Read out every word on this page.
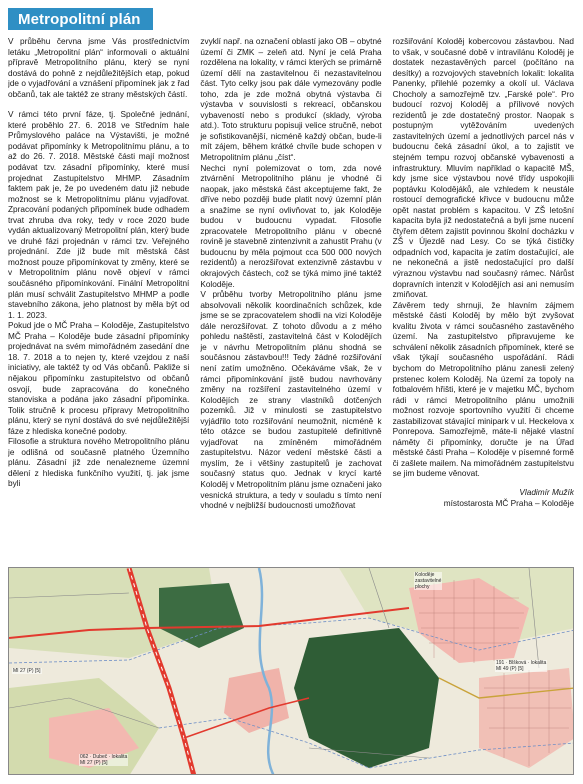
Metropolitní plán

V průběhu června jsme Vás prostřednictvím letáku „Metropolitní plán“ informovali o aktuální přípravě Metropolitního plánu, který se nyní dostává do pohně z nejdůležitějších etap, pokud jde o vyjadřování a vznášení připomínek jak z řad občanů, tak ale taktéž ze strany městských částí.

V rámci této první fáze, tj. Společné jednání, které proběhlo 27. 6. 2018 ve Středním hale Průmyslového paláce na Výstavišti, je možné podávat připomínky k Metropolitnímu plánu, a to až do 26. 7. 2018. Městské části mají možnost podávat tzv. zásadní připomínky, které musí projednat Zastupitelstvo MHMP. Zásadním faktem pak je, že po uvedeném datu již nebude možnost se k Metropolitnímu plánu vyjadřovat. Zpracování podaných připomínek bude odhadem trvat zhruba dva roky, tedy v roce 2020 bude vydán aktualizovaný Metropolitní plán, který bude ve druhé fázi projednán v rámci tzv. Veřejného projednání. Zde již bude mít městská část možnost pouze připomínkovat ty změny, které se v Metropolitním plánu nově objeví v rámci součásného připomínkování. Finální Metropolitní plán musí schválit Zastupitelstvo MHMP a podle stavebního zákona, jeho platnost by měla být od 1. 1. 2023.

Pokud jde o MČ Praha – Koloděje, Zastupitelstvo MČ Praha – Koloděje bude zásadní připomínky projednávat na svém mimořádném zasedání dne 18. 7. 2018 a to nejen ty, které vzejdou z naší iniciativy, ale taktéž ty od Vás občanů. Pakliže si nějakou připomínku zastupitelstvo od občanů osvojí, bude zapracována do konečného stanoviska a podána jako zásadní připomínka. Tolik stručně k procesu přípravy Metropolitního plánu, který se nyní dostává do své nejdůležitější fáze z hlediska konečné podoby.

Filosofie a struktura nového Metropolitního plánu je odlišná od současně platného Územního plánu. Zásadní již zde nenalezneme územní dělení z hlediska funkčního využití, tj. jak jsme byli

zvyklí např. na označení oblastí jako OB – obytné území či ZMK – zeleň atd. Nyní je celá Praha rozdělena na lokality, v rámci kterých se primárně území dělí na zastavitelnou či nezastavitelnou část. Tyto celky jsou pak dále vymezovány podle toho, zda je zde možná obytná výstavba či výstavba v souvislosti s rekreací, občanskou vybaveností nebo s produkcí (sklady, výroba atd.). Toto strukturu popisuji velice stručně, nebot je sofistikovanější, nicméně každý občan, bude-li mít zájem, během krátké chvíle bude schopen v Metropolitním plánu „číst“.

Nechci nyní polemizovat o tom, zda nové ztvárnění Metropolitního plánu je vhodné či naopak, jako městská část akceptujeme fakt, že dříve nebo později bude platit nový územní plán a snažíme se nyní ovlivňovat to, jak Koloděje budou v budoucnu vypadat. Filosofie zpracovatele Metropolitního plánu v obecné rovině je stavebně zintenzivnit a zahustit Prahu (v budoucnu by měla pojmout cca 500 000 nových rezidentů) a nerozšiřovat extenzivně zástavbu v okrajových částech, což se týká mimo jiné taktéž Koloděje.

V průběhu tvorby Metropolitního plánu jsme absolvovali několik koordinačních schůzek, kde jsme se se zpracovatelem shodli na vizi Koloděje dále nerozšiřovat. Z tohoto důvodu a z mého pohledu naštěstí, zastavitelná část v Kolodějích je v návrhu Metropolitním plánu shodná se součásnou zástavbou!!! Tedy žádné rozšiřování není zatím umožněno. Očekáváme však, že v rámci připomínkování jistě budou navrhovány změny na rozšíření zastavitelného území v Kolodějích ze strany vlastníků dotčených pozemků. Již v minulosti se zastupitelstvo vyjádřilo toto rozšiřování neumožnit, nicméně k této otázce se budou zastupitelé definitivně vyjadřovat na zmíněném mimořádném zastupitelstvu. Názor vedení městské části a myslím, že i většiny zastupitelů je zachovat současný status quo. Jednak v krycí karté Koloděj v Metropolitním plánu jsme označeni jako vesnická struktura, a tedy v souladu s tímto není vhodné v nejbližší budoucnosti umožňovat

rozšiřování Koloděj kobercovou zástavbou. Nad to však, v současné době v intravilánu Koloděj je dostatek nezastavěných parcel (počítáno na desítky) a rozvojových stavebních lokalit: lokalita Panenky, přilehlé pozemky a okolí ul. Václava Chocholy a samozřejmě tzv. „Farské pole“. Pro budoucí rozvoj Koloděj a přílivové nových rezidentů je zde dostatečný prostor. Naopak s postupným vytěžováním uvedených zastavitelných území a jednotlivých parcel nás v budoucnu čeká zásadní úkol, a to zajistit ve stejném tempu rozvoj občanské vybavenosti a infrastruktury. Mluvím například o kapacitě MŠ, kdy jsme sice výstavbou nové třídy uspokojili poptávku Kolodějáků, ale vzhledem k neustále rostoucí demografické křivce v budoucnu může opět nastat problém s kapacitou. V ZŠ letošní kapacita byla již nedostatečná a byli jsme nucení čtyřem dětem zajistit povinnou školní docházku v ZŠ v Újezdě nad Lesy. Co se týká čističky odpadních vod, kapacita je zatím dostačující, ale ne nekonečná a jistě nedostačující pro další výraznou výstavbu nad současný rámec. Nárůst dopravních intenzit v Kolodějích asi ani nemusím zmiňovat.

Závěrem tedy shrnuji, že hlavním zájmem městské části Koloděj by mělo být zvyšovat kvalitu života v rámci současného zastavěného území. Na zastupitelstvo připravujeme ke schválení několik zásadních připomínek, které se však týkají současného uspořádání. Rádi bychom do Metropolitního plánu zanesli zelený prstenec kolem Koloděj. Na území za topoly na fotbalovém hřišti, které je v majetku MČ, bychom rádi v rámci Metropolitního plánu umožnili možnost rozvoje sportovního využití či chceme zastabilizovat stávající minipark v ul. Heckelova x Ponrepova. Samozřejmě, máte-li nějaké vlastní náměty či připomínky, doručte je na Úřad městské části Praha – Koloděje v písemné formě či zašlete mailem. Na mimořádném zastupitelstvu se jim budeme věnovat.

Vladimír Mužík
místostarosta MČ Praha – Koloděje
Koloděje
zastavitelné
plochy
191 · Blšková · lokalita
MI 49 (P) [5]
062 · Dubeč · lokalita
MI 27 (P) [5]
MI 27 (P) [5]
